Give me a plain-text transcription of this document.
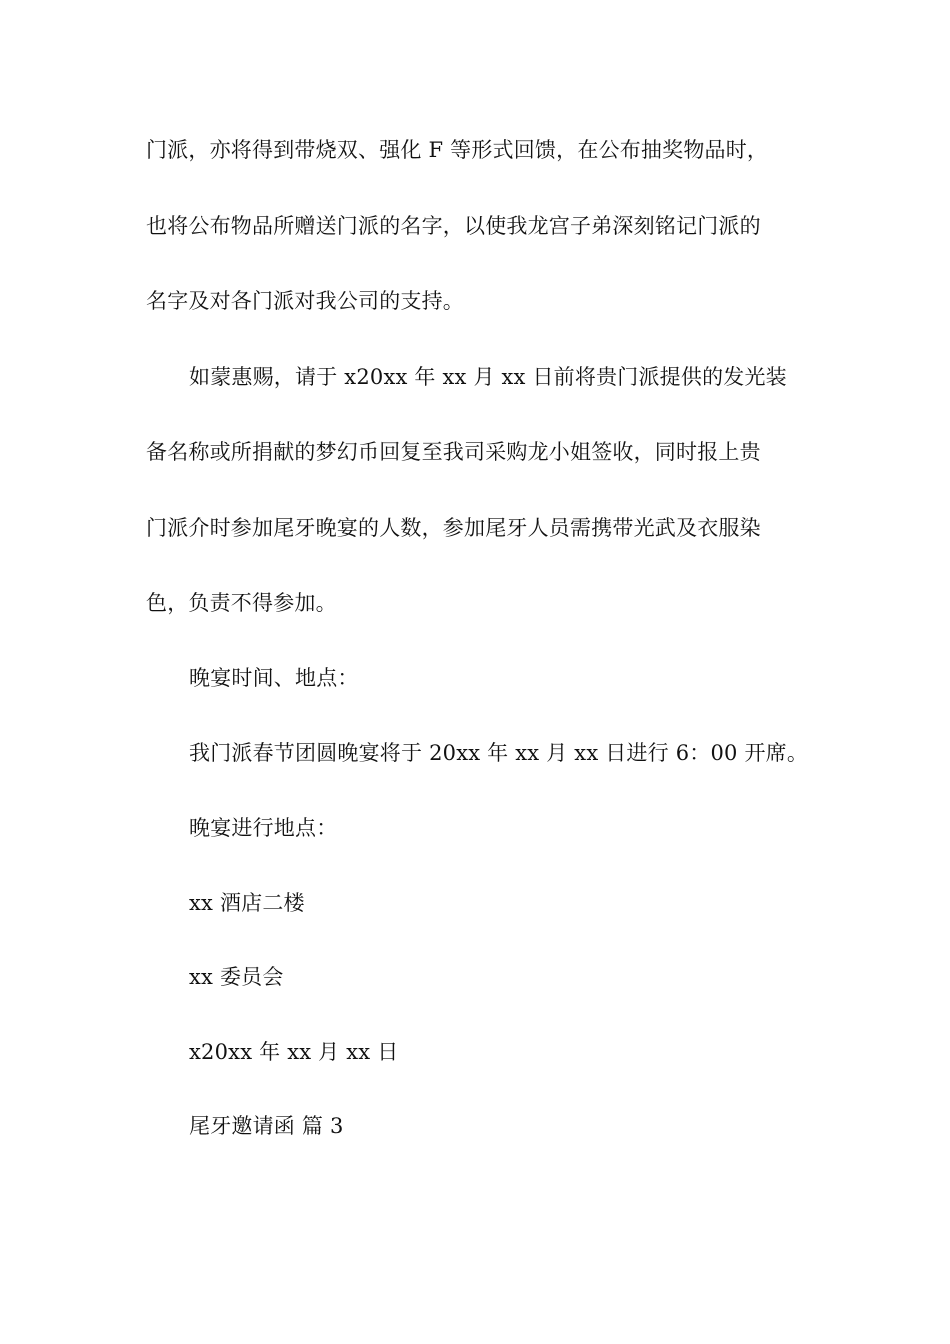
门派，亦将得到带烧双、强化 F 等形式回馈，在公布抽奖物品时，
也将公布物品所赠送门派的名字，以使我龙宫子弟深刻铭记门派的
名字及对各门派对我公司的支持。
如蒙惠赐，请于 x20xx 年 xx 月 xx 日前将贵门派提供的发光装
备名称或所捐献的梦幻币回复至我司采购龙小姐签收，同时报上贵
门派介时参加尾牙晚宴的人数，参加尾牙人员需携带光武及衣服染
色，负责不得参加。
晚宴时间、地点：
我门派春节团圆晚宴将于 20xx 年 xx 月 xx 日进行 6：00 开席。
晚宴进行地点：
xx 酒店二楼
xx 委员会
x20xx 年 xx 月 xx 日
尾牙邀请函 篇 3
